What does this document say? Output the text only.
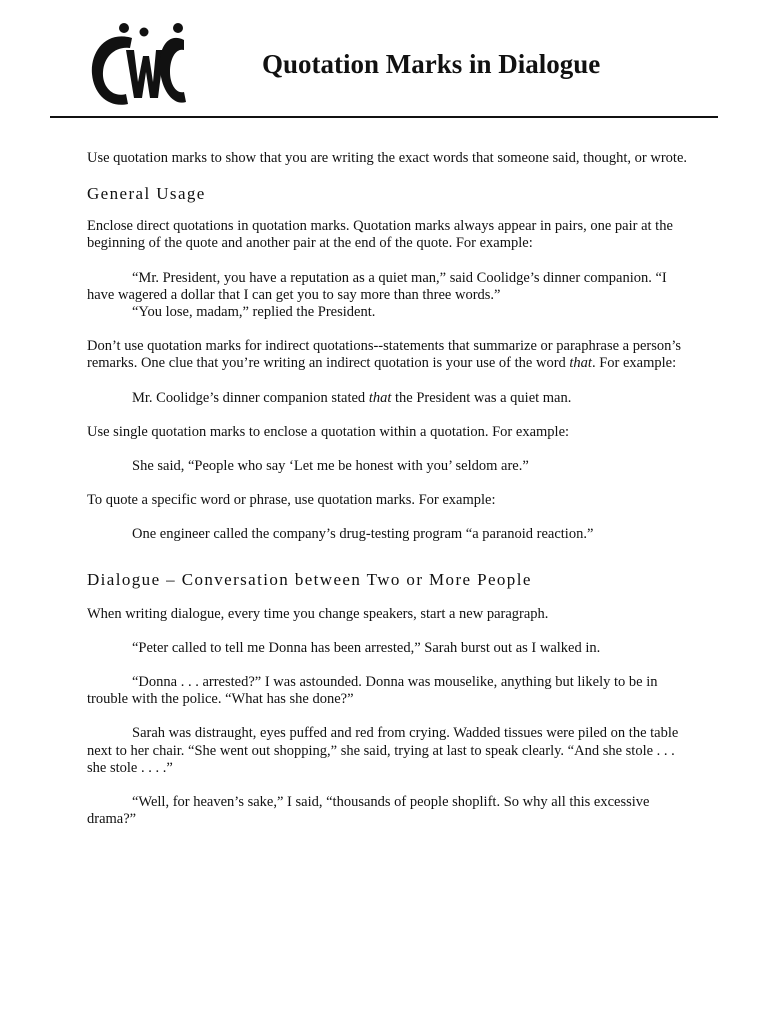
Quotation Marks in Dialogue

Use quotation marks to show that you are writing the exact words that someone said, thought, or wrote.

General Usage

Enclose direct quotations in quotation marks. Quotation marks always appear in pairs, one pair at the beginning of the quote and another pair at the end of the quote. For example:

“Mr. President, you have a reputation as a quiet man,” said Coolidge’s dinner companion. “I have wagered a dollar that I can get you to say more than three words.”

“You lose, madam,” replied the President.

Don’t use quotation marks for indirect quotations--statements that summarize or paraphrase a person’s remarks. One clue that you’re writing an indirect quotation is your use of the word that. For example:

Mr. Coolidge’s dinner companion stated that the President was a quiet man.

Use single quotation marks to enclose a quotation within a quotation. For example:

She said, “People who say ‘Let me be honest with you’ seldom are.”

To quote a specific word or phrase, use quotation marks. For example:

One engineer called the company’s drug-testing program “a paranoid reaction.”

Dialogue – Conversation between Two or More People

When writing dialogue, every time you change speakers, start a new paragraph.

“Peter called to tell me Donna has been arrested,” Sarah burst out as I walked in.

“Donna . . . arrested?” I was astounded. Donna was mouselike, anything but likely to be in trouble with the police. “What has she done?”

Sarah was distraught, eyes puffed and red from crying. Wadded tissues were piled on the table next to her chair. “She went out shopping,” she said, trying at last to speak clearly. “And she stole . . . she stole . . . .”

“Well, for heaven’s sake,” I said, “thousands of people shoplift. So why all this excessive drama?”
